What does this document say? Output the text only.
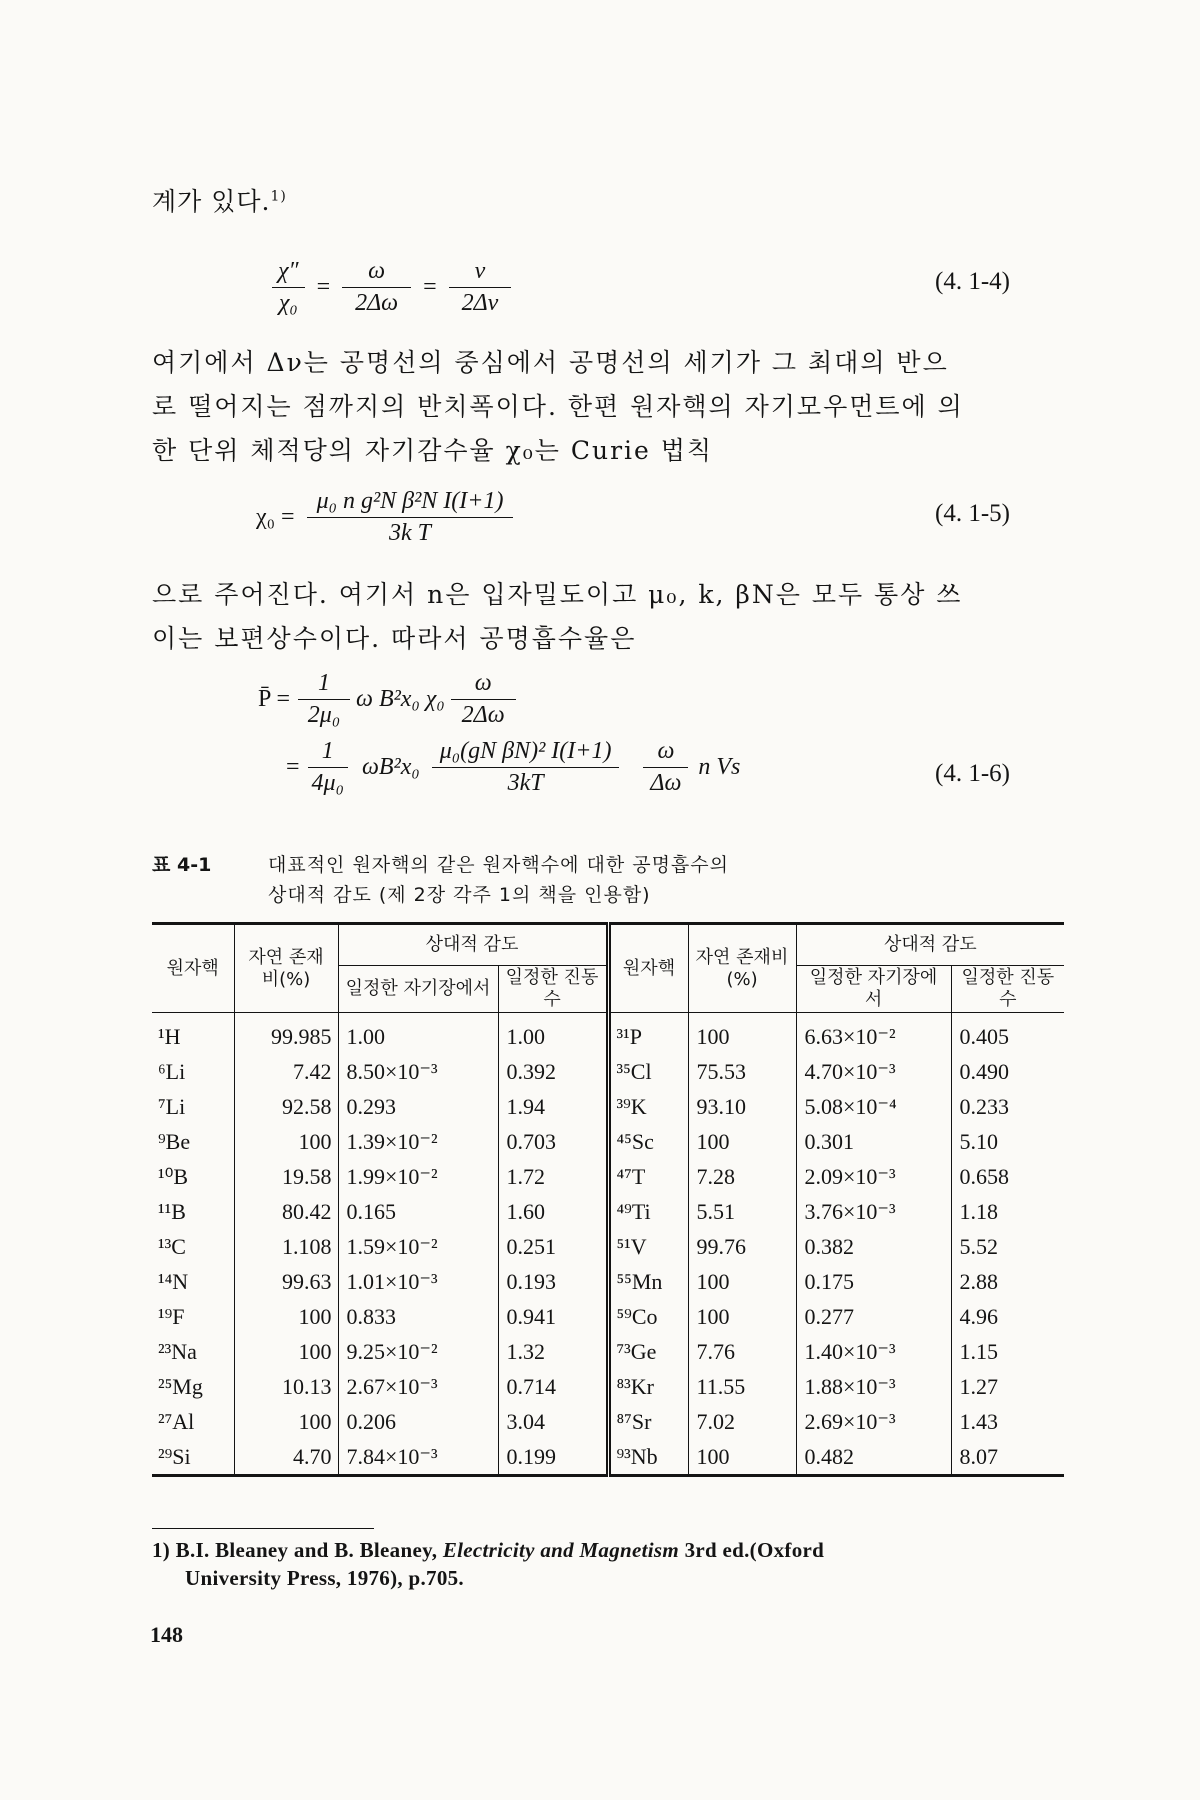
계가 있다.$^{1)}$
$\frac{\chi''}{\text{χ₀}} = \frac{\omega}{2\Delta\omega} = \frac{\nu}{2\Delta\nu}$	(4. 1-4)
여기에서 Δν는 공명선의 중심에서 공명선의 세기가 그 최대의 반으
로 떨어지는 점까지의 반치폭이다. 한편 원자핵의 자기모우먼트에 의
한 단위 체적당의 자기감수율 χ₀는 Curie 법칙
$\chi_0 = \frac{\text{μ₀ n g²N β²N I(I+1)}}{\text{3k T}}$	(4. 1-5)
으로 주어진다. 여기서 n은 입자밀도이고 μ₀, k, βN은 모두 통상 쓰
이는 보편상수이다. 따라서 공명흡수율은
P̄ = $\frac{1}{\text{2μ₀}}$ ω B²x₀ $\chi_0 \frac{\omega}{2\Delta\omega}$
= $\frac{1}{\text{4μ₀}} \omega B^2x_0 \frac{\text{μ₀(gN βN)² I(I+1)}}{3kT} \frac{\omega}{\Delta\omega}$ n Vs	(4. 1-6)
표 4-1	대표적인 원자핵의 같은 원자핵수에 대한 공명흡수의
상대적 감도 (제 2장 각주 1의 책을 인용함)
원자핵	자연 존재비(%)	상대적 감도		원자핵	자연 존재비(%)	상대적 감도	
		일정한 자기장에서	일정한 진동수			일정한 자기장에서	일정한 진동수
¹H	99.985	1.00	1.00	³¹P	100	6.63×10⁻²	0.405
⁶Li	7.42	8.50×10⁻³	0.392	³⁵Cl	75.53	4.70×10⁻³	0.490
⁷Li	92.58	0.293	1.94	³⁹K	93.10	5.08×10⁻⁴	0.233
⁹Be	100	1.39×10⁻²	0.703	⁴⁵Sc	100	0.301	5.10
¹⁰B	19.58	1.99×10⁻²	1.72	⁴⁷T	7.28	2.09×10⁻³	0.658
¹¹B	80.42	0.165	1.60	⁴⁹Ti	5.51	3.76×10⁻³	1.18
¹³C	1.108	1.59×10⁻²	0.251	⁵¹V	99.76	0.382	5.52
¹⁴N	99.63	1.01×10⁻³	0.193	⁵⁵Mn	100	0.175	2.88
¹⁹F	100	0.833	0.941	⁵⁹Co	100	0.277	4.96
²³Na	100	9.25×10⁻²	1.32	⁷³Ge	7.76	1.40×10⁻³	1.15
²⁵Mg	10.13	2.67×10⁻³	0.714	⁸³Kr	11.55	1.88×10⁻³	1.27
²⁷Al	100	0.206	3.04	⁸⁷Sr	7.02	2.69×10⁻³	1.43
²⁹Si	4.70	7.84×10⁻³	0.199	⁹³Nb	100	0.482	8.07
1) B.I. Bleaney and B. Bleaney, Electricity and Magnetism 3rd ed.(Oxford
University Press, 1976), p.705.
148
